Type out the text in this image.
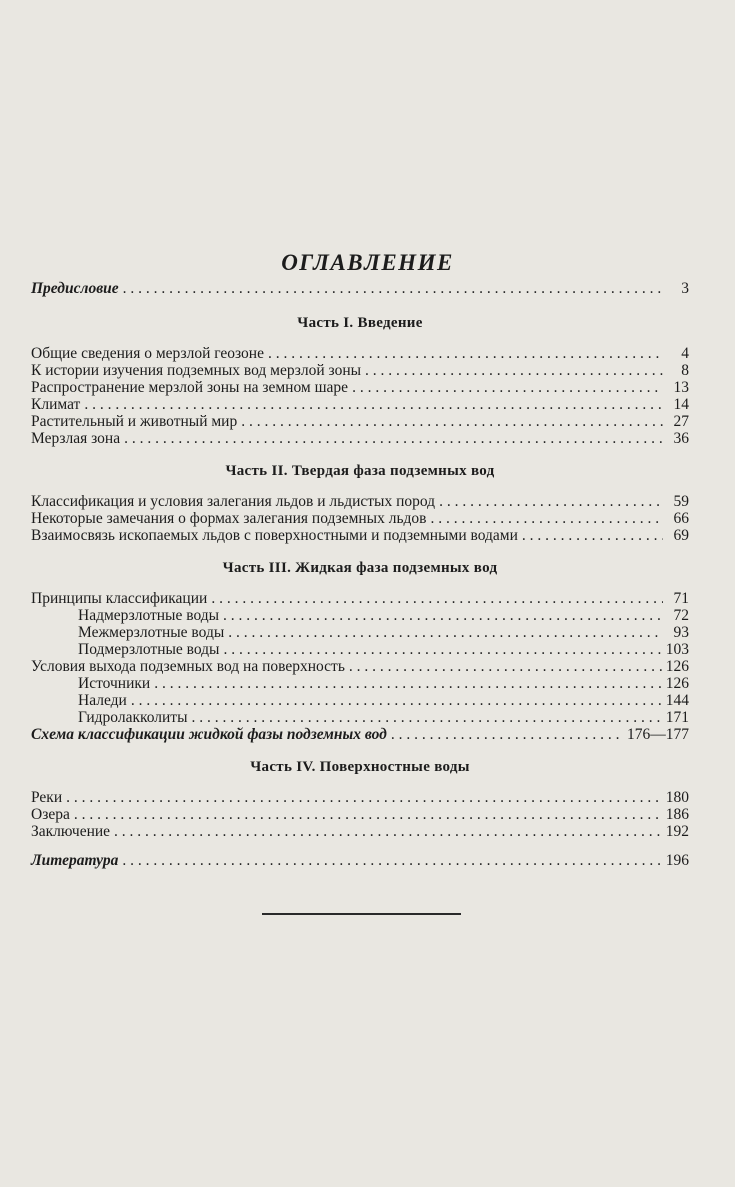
ОГЛАВЛЕНИЕ
Предисловие . . .	3
Часть I. Введение
Общие сведения о мерзлой геозоне . . .	4
К истории изучения подземных вод мерзлой зоны . . .	8
Распространение мерзлой зоны на земном шаре . . .	13
Климат . . .	14
Растительный и животный мир . . .	27
Мерзлая зона . . .	36
Часть II. Твердая фаза подземных вод
Классификация и условия залегания льдов и льдистых пород . . .	59
Некоторые замечания о формах залегания подземных льдов . . .	66
Взаимосвязь ископаемых льдов с поверхностными и подземными водами . . .	69
Часть III. Жидкая фаза подземных вод
Принципы классификации . . .	71
Надмерзлотные воды . . .	72
Межмерзлотные воды . . .	93
Подмерзлотные воды . . .	103
Условия выхода подземных вод на поверхность . . .	126
Источники . . .	126
Наледи . . .	144
Гидролакколиты . . .	171
Схема классификации жидкой фазы подземных вод . . .	176—177
Часть IV. Поверхностные воды
Реки . . .	180
Озера . . .	186
Заключение . . .	192
Литература . . .	196
